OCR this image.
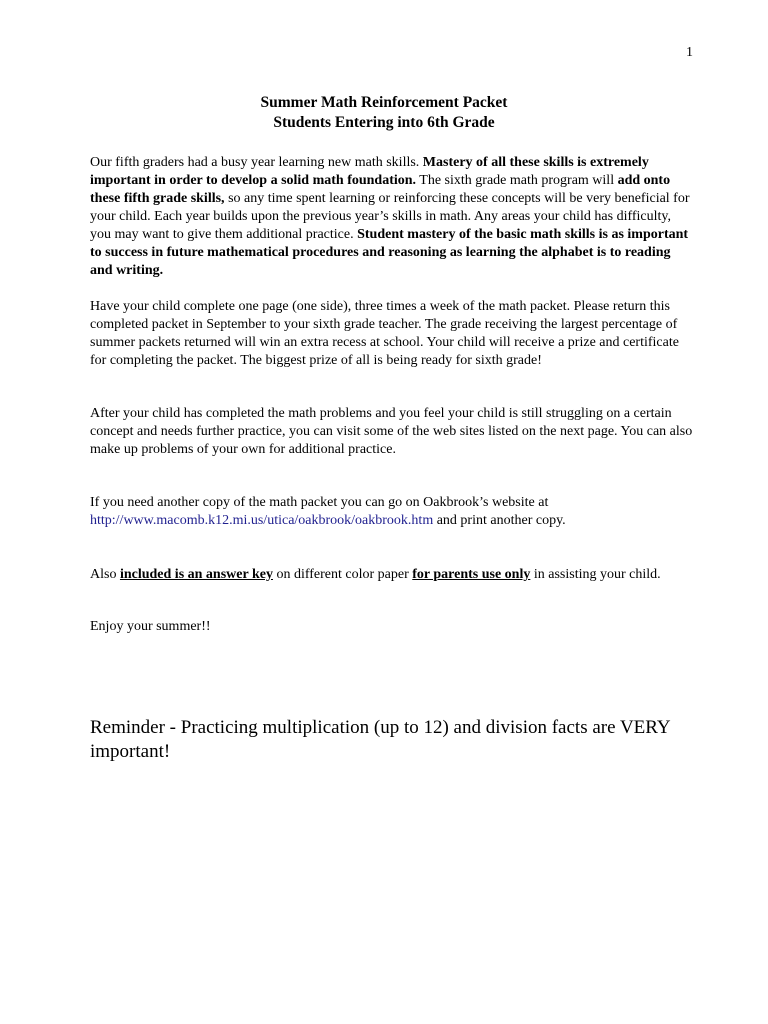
1
Summer Math Reinforcement Packet
Students Entering into 6th Grade

Our fifth graders had a busy year learning new math skills. Mastery of all these skills is extremely important in order to develop a solid math foundation. The sixth grade math program will add onto these fifth grade skills, so any time spent learning or reinforcing these concepts will be very beneficial for your child. Each year builds upon the previous year’s skills in math. Any areas your child has difficulty, you may want to give them additional practice. Student mastery of the basic math skills is as important to success in future mathematical procedures and reasoning as learning the alphabet is to reading and writing.

Have your child complete one page (one side), three times a week of the math packet. Please return this completed packet in September to your sixth grade teacher. The grade receiving the largest percentage of summer packets returned will win an extra recess at school. Your child will receive a prize and certificate for completing the packet. The biggest prize of all is being ready for sixth grade!

After your child has completed the math problems and you feel your child is still struggling on a certain concept and needs further practice, you can visit some of the web sites listed on the next page. You can also make up problems of your own for additional practice.

If you need another copy of the math packet you can go on Oakbrook’s website at
http://www.macomb.k12.mi.us/utica/oakbrook/oakbrook.htm and print another copy.

Also included is an answer key on different color paper for parents use only in assisting your child.

Enjoy your summer!!

Reminder - Practicing multiplication (up to 12) and division facts are VERY important!
